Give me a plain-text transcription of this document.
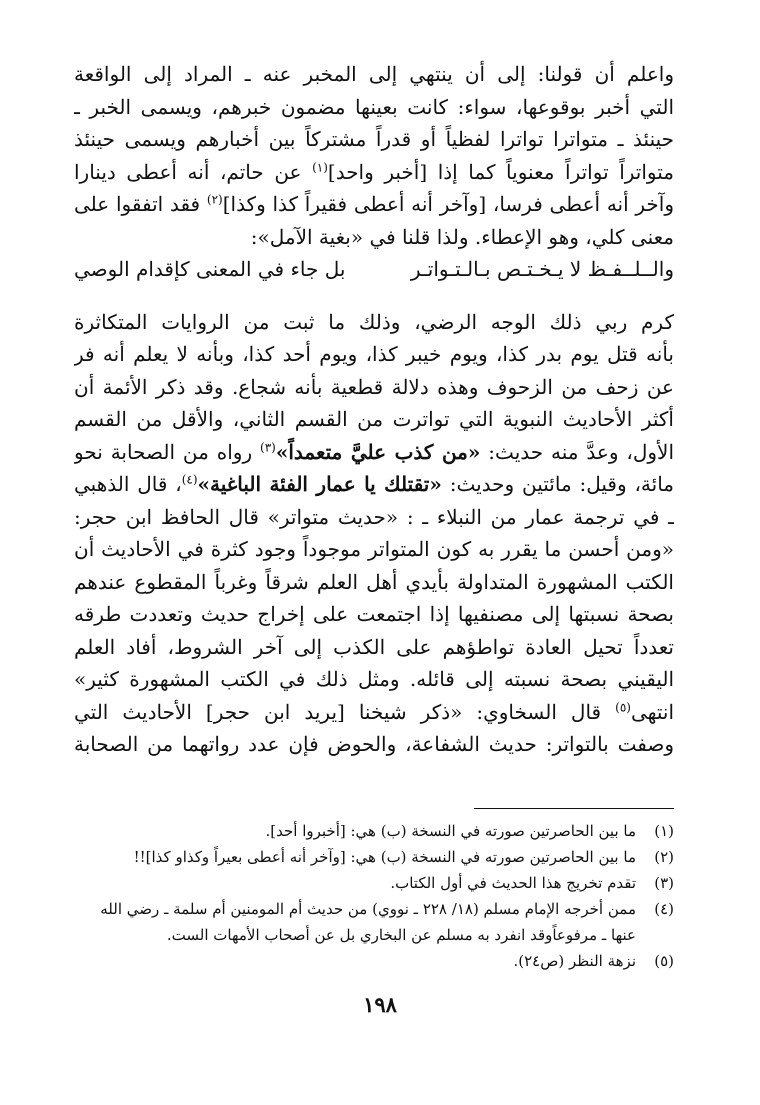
واعلم أن قولنا: إلى أن ينتهي إلى المخبر عنه ـ المراد إلى الواقعة
التي أخبر بوقوعها، سواء: كانت بعينها مضمون خبرهم، ويسمى الخبر ـ
حينئذ ـ متواترا تواترا لفظياً أو قدراً مشتركاً بين أخبارهم ويسمى حينئذ
متواتراً تواتراً معنوياً كما إذا [أخبر واحد]$^{(١)}$ عن حاتم، أنه أعطى دينارا
وآخر أنه أعطى فرسا، [وآخر أنه أعطى فقيراً كذا وكذا]$^{(٢)}$ فقد اتفقوا على
معنى كلي، وهو الإعطاء. ولذا قلنا في «بغية الآمل»:
والــلــفـظ لا يـخـتـص بـالـتـواتـر
بل جاء في المعنى كإقدام الوصي
كرم ربي ذلك الوجه الرضي، وذلك ما ثبت من الروايات المتكاثرة
بأنه قتل يوم بدر كذا، ويوم خيبر كذا، ويوم أحد كذا، وبأنه لا يعلم أنه فر
عن زحف من الزحوف وهذه دلالة قطعية بأنه شجاع. وقد ذكر الأئمة أن
أكثر الأحاديث النبوية التي تواترت من القسم الثاني، والأقل من القسم
الأول، وعدَّ منه حديث: «من كذب عليَّ متعمداً»$^{(٣)}$ رواه من الصحابة نحو
مائة، وقيل: مائتين وحديث: «تقتلك يا عمار الفئة الباغية»$^{(٤)}$، قال الذهبي
ـ في ترجمة عمار من النبلاء ـ : «حديث متواتر» قال الحافظ ابن حجر:
«ومن أحسن ما يقرر به كون المتواتر موجوداً وجود كثرة في الأحاديث أن
الكتب المشهورة المتداولة بأيدي أهل العلم شرقاً وغرباً المقطوع عندهم
بصحة نسبتها إلى مصنفيها إذا اجتمعت على إخراج حديث وتعددت طرقه
تعدداً تحيل العادة تواطؤهم على الكذب إلى آخر الشروط، أفاد العلم
اليقيني بصحة نسبته إلى قائله. ومثل ذلك في الكتب المشهورة كثير»
انتهى$^{(٥)}$ قال السخاوي: «ذكر شيخنا [يريد ابن حجر] الأحاديث التي
وصفت بالتواتر: حديث الشفاعة، والحوض فإن عدد رواتهما من الصحابة
(١)
ما بين الحاصرتين صورته في النسخة (ب) هي: [أخبروا أحد].
(٢)
ما بين الحاصرتين صورته في النسخة (ب) هي: [وآخر أنه أعطى بعيراً وكذاو كذا]!!
(٣)
تقدم تخريج هذا الحديث في أول الكتاب.
(٤)
ممن أخرجه الإمام مسلم (١٨/ ٢٢٨ ـ نووي) من حديث أم المومنين أم سلمة ـ رضي الله
عنها ـ مرفوعاًوقد انفرد به مسلم عن البخاري بل عن أصحاب الأمهات الست.
(٥)
نزهة النظر (ص٢٤).
١٩٨
